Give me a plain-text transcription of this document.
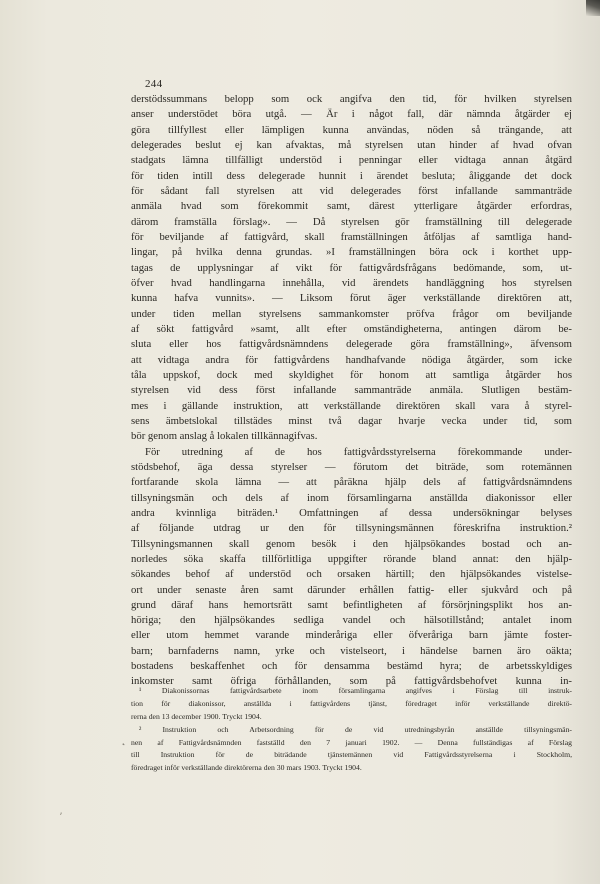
244
derstödssummans belopp som ock angifva den tid, för hvilken styrelsen
anser understödet böra utgå. — Är i något fall, där nämnda åtgärder ej
göra tillfyllest eller lämpligen kunna användas, nöden så trängande, att
delegerades beslut ej kan afvaktas, må styrelsen utan hinder af hvad ofvan
stadgats lämna tillfälligt understöd i penningar eller vidtaga annan åtgärd
för tiden intill dess delegerade hunnit i ärendet besluta; åliggande det dock
för sådant fall styrelsen att vid delegerades först infallande sammanträde
anmäla hvad som förekommit samt, därest ytterligare åtgärder erfordras,
därom framställa förslag». — Då styrelsen gör framställning till delegerade
för beviljande af fattigvård, skall framställningen åtföljas af samtliga hand-
lingar, på hvilka denna grundas. »I framställningen böra ock i korthet upp-
tagas de upplysningar af vikt för fattigvårdsfrågans bedömande, som, ut-
öfver hvad handlingarna innehålla, vid ärendets handläggning hos styrelsen
kunna hafva vunnits». — Liksom förut äger verkställande direktören att,
under tiden mellan styrelsens sammankomster pröfva frågor om beviljande
af sökt fattigvård »samt, allt efter omständigheterna, antingen därom be-
sluta eller hos fattigvårdsnämndens delegerade göra framställning», äfvensom
att vidtaga andra för fattigvårdens handhafvande nödiga åtgärder, som icke
tåla uppskof, dock med skyldighet för honom att samtliga åtgärder hos
styrelsen vid dess först infallande sammanträde anmäla. Slutligen bestäm-
mes i gällande instruktion, att verkställande direktören skall vara å styrel-
sens ämbetslokal tillstädes minst två dagar hvarje vecka under tid, som
bör genom anslag å lokalen tillkännagifvas.
För utredning af de hos fattigvårdsstyrelserna förekommande under-
stödsbehof, äga dessa styrelser — förutom det biträde, som rotemännen
fortfarande skola lämna — att påräkna hjälp dels af fattigvårdsnämndens
tillsyningsmän och dels af inom församlingarna anställda diakonissor eller
andra kvinnliga biträden.¹ Omfattningen af dessa undersökningar belyses
af följande utdrag ur den för tillsyningsmännen föreskrifna instruktion.²
Tillsyningsmannen skall genom besök i den hjälpsökandes bostad och an-
norledes söka skaffa tillförlitliga uppgifter rörande bland annat: den hjälp-
sökandes behof af understöd och orsaken härtill; den hjälpsökandes vistelse-
ort under senaste åren samt därunder erhållen fattig- eller sjukvård och på
grund däraf hans hemortsrätt samt befintligheten af försörjningsplikt hos an-
höriga; den hjälpsökandes sedliga vandel och hälsotillstånd; antalet inom
eller utom hemmet varande minderåriga eller öfveråriga barn jämte foster-
barn; barnfaderns namn, yrke och vistelseort, i händelse barnen äro oäkta;
bostadens beskaffenhet och för densamma bestämd hyra; de arbetsskyldiges
inkomster samt öfriga förhållanden, som på fattigvårdsbehofvet kunna in-
¹ Diakonissornas fattigvårdsarbete inom församlingarna angifves i Förslag till instruk-
tion för diakonissor, anställda i fattigvårdens tjänst, föredraget inför verkställande direktö-
rerna den 13 december 1900. Tryckt 1904.
² Instruktion och Arbetsordning för de vid utredningsbyrån anställde tillsyningsmän-
nen af Fattigvårdsnämnden fastställd den 7 januari 1902. — Denna fullständigas af Förslag
till Instruktion för de biträdande tjänstemännen vid Fattigvårdsstyrelserna i Stockholm,
föredraget inför verkställande direktörerna den 30 mars 1903. Tryckt 1904.
˛
ʼ
